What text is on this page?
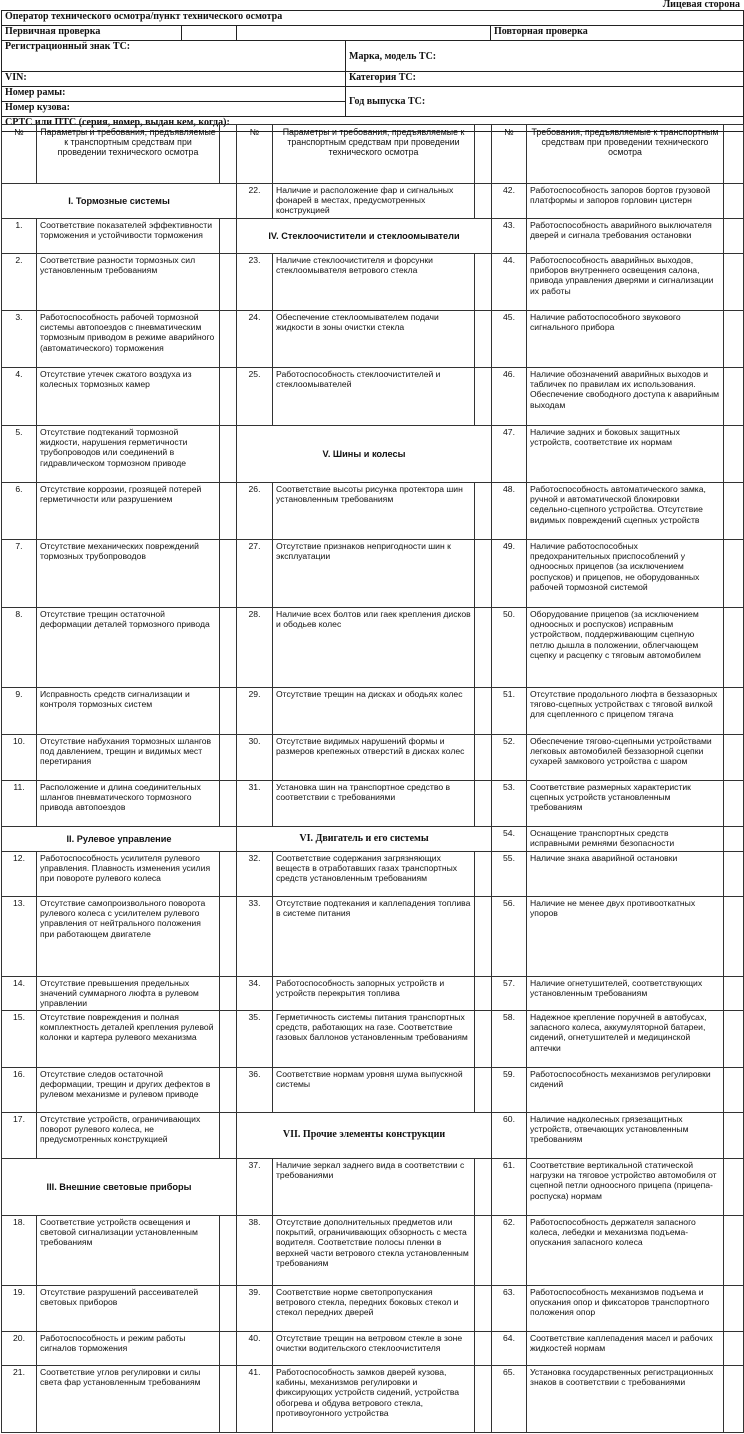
Лицевая сторона
Оператор технического осмотра/пункт технического осмотра				
Первичная проверка				Повторная проверка
Регистрационный знак ТС:			Марка, модель ТС:	
VIN:			Категория ТС:	
Номер рамы:			Год выпуска ТС:	
Номер кузова:				
СРТС или ПТС (серия, номер, выдан кем, когда):				
№	Параметры и требования, предъявляемые к транспортным средствам при проведении технического осмотра		№	Параметры и требования, предъявляемые к транспортным средствам при проведении технического осмотра		№	Требования, предъявляемые к транспортным средствам при проведении технического осмотра	
I. Тормозные системы			22.	Наличие и расположение фар и сигнальных фонарей в местах, предусмотренных конструкцией		42.	Работоспособность запоров бортов грузовой платформы и запоров горловин цистерн	

1.	Соответствие показателей эффективности торможения и устойчивости торможения		IV. Стеклоочистители и стеклоомыватели			43.	Работоспособность аварийного выключателя дверей и сигнала требования остановки	
2.	Соответствие разности тормозных сил установленным требованиям		23.	Наличие стеклоочистителя и форсунки стеклоомывателя ветрового стекла		44.	Работоспособность аварийных выходов, приборов внутреннего освещения салона, привода управления дверями и сигнализации их работы	
3.	Работоспособность рабочей тормозной системы автопоездов с пневматическим тормозным приводом в режиме аварийного (автоматического) торможения		24.	Обеспечение стеклоомывателем подачи жидкости в зоны очистки стекла		45.	Наличие работоспособного звукового сигнального прибора	
4.	Отсутствие утечек сжатого воздуха из колесных тормозных камер		25.	Работоспособность стеклоочистителей и стеклоомывателей		46.	Наличие обозначений аварийных выходов и табличек по правилам их использования. Обеспечение свободного доступа к аварийным выходам	
5.	Отсутствие подтеканий тормозной жидкости, нарушения герметичности трубопроводов или соединений в гидравлическом тормозном приводе		V. Шины и колесы			47.	Наличие задних и боковых защитных устройств, соответствие их нормам	
6.	Отсутствие коррозии, грозящей потерей герметичности или разрушением		26.	Соответствие высоты рисунка протектора шин установленным требованиям		48.	Работоспособность автоматического замка, ручной и автоматической блокировки седельно-сцепного устройства. Отсутствие видимых повреждений сцепных устройств	
7.	Отсутствие механических повреждений тормозных трубопроводов		27.	Отсутствие признаков непригодности шин к эксплуатации		49.	Наличие работоспособных предохранительных приспособлений у одноосных прицепов (за исключением роспусков) и прицепов, не оборудованных рабочей тормозной системой	
8.	Отсутствие трещин остаточной деформации деталей тормозного привода		28.	Наличие всех болтов или гаек крепления дисков и ободьев колес		50.	Оборудование прицепов (за исключением одноосных и роспусков) исправным устройством, поддерживающим сцепную петлю дышла в положении, облегчающем сцепку и расцепку с тяговым автомобилем	
9.	Исправность средств сигнализации и контроля тормозных систем		29.	Отсутствие трещин на дисках и ободьях колес		51.	Отсутствие продольного люфта в беззазорных тягово-сцепных устройствах с тяговой вилкой для сцепленного с прицепом тягача	
10.	Отсутствие набухания тормозных шлангов под давлением, трещин и видимых мест перетирания		30.	Отсутствие видимых нарушений формы и размеров крепежных отверстий в дисках колес		52.	Обеспечение тягово-сцепными устройствами легковых автомобилей беззазорной сцепки сухарей замкового устройства с шаром	
11.	Расположение и длина соединительных шлангов пневматического тормозного привода автопоездов		31.	Установка шин на транспортное средство в соответствии с требованиями		53.	Соответствие размерных характеристик сцепных устройств установленным требованиям	
II. Рулевое управление			VI. Двигатель и его системы			54.	Оснащение транспортных средств исправными ремнями безопасности	
12.	Работоспособность усилителя рулевого управления. Плавность изменения усилия при повороте рулевого колеса		32.	Соответствие содержания загрязняющих веществ в отработавших газах транспортных средств установленным требованиям		55.	Наличие знака аварийной остановки	
13.	Отсутствие самопроизвольного поворота рулевого колеса с усилителем рулевого управления от нейтрального положения при работающем двигателе		33.	Отсутствие подтекания и каплепадения топлива в системе питания		56.	Наличие не менее двух противооткатных упоров	
14.	Отсутствие превышения предельных значений суммарного люфта в рулевом управлении		34.	Работоспособность запорных устройств и устройств перекрытия топлива		57.	Наличие огнетушителей, соответствующих установленным требованиям	
15.	Отсутствие повреждения и полная комплектность деталей крепления рулевой колонки и картера рулевого механизма		35.	Герметичность системы питания транспортных средств, работающих на газе. Соответствие газовых баллонов установленным требованиям		58.	Надежное крепление поручней в автобусах, запасного колеса, аккумуляторной батареи, сидений, огнетушителей и медицинской аптечки	
16.	Отсутствие следов остаточной деформации, трещин и других дефектов в рулевом механизме и рулевом приводе		36.	Соответствие нормам уровня шума выпускной системы		59.	Работоспособность механизмов регулировки сидений	
17.	Отсутствие устройств, ограничивающих поворот рулевого колеса, не предусмотренных конструкцией		VII. Прочие элементы конструкции			60.	Наличие надколесных грязезащитных устройств, отвечающих установленным требованиям	
III. Внешние световые приборы			37.	Наличие зеркал заднего вида в соответствии с требованиями		61.	Соответствие вертикальной статической нагрузки на тяговое устройство автомобиля от сцепной петли одноосного прицепа (прицепа-роспуска) нормам	
18.	Соответствие устройств освещения и световой сигнализации установленным требованиям		38.	Отсутствие дополнительных предметов или покрытий, ограничивающих обзорность с места водителя. Соответствие полосы пленки в верхней части ветрового стекла установленным требованиям		62.	Работоспособность держателя запасного колеса, лебедки и механизма подъема-опускания запасного колеса	
19.	Отсутствие разрушений рассеивателей световых приборов		39.	Соответствие норме светопропускания ветрового стекла, передних боковых стекол и стекол передних дверей		63.	Работоспособность механизмов подъема и опускания опор и фиксаторов транспортного положения опор	
20.	Работоспособность и режим работы сигналов торможения		40.	Отсутствие трещин на ветровом стекле в зоне очистки водительского стеклоочистителя		64.	Соответствие каплепадения масел и рабочих жидкостей нормам	
21.	Соответствие углов регулировки и силы света фар установленным требованиям		41.	Работоспособность замков дверей кузова, кабины, механизмов регулировки и фиксирующих устройств сидений, устройства обогрева и обдува ветрового стекла, противоугонного устройства		65.	Установка государственных регистрационных знаков в соответствии с требованиями	
